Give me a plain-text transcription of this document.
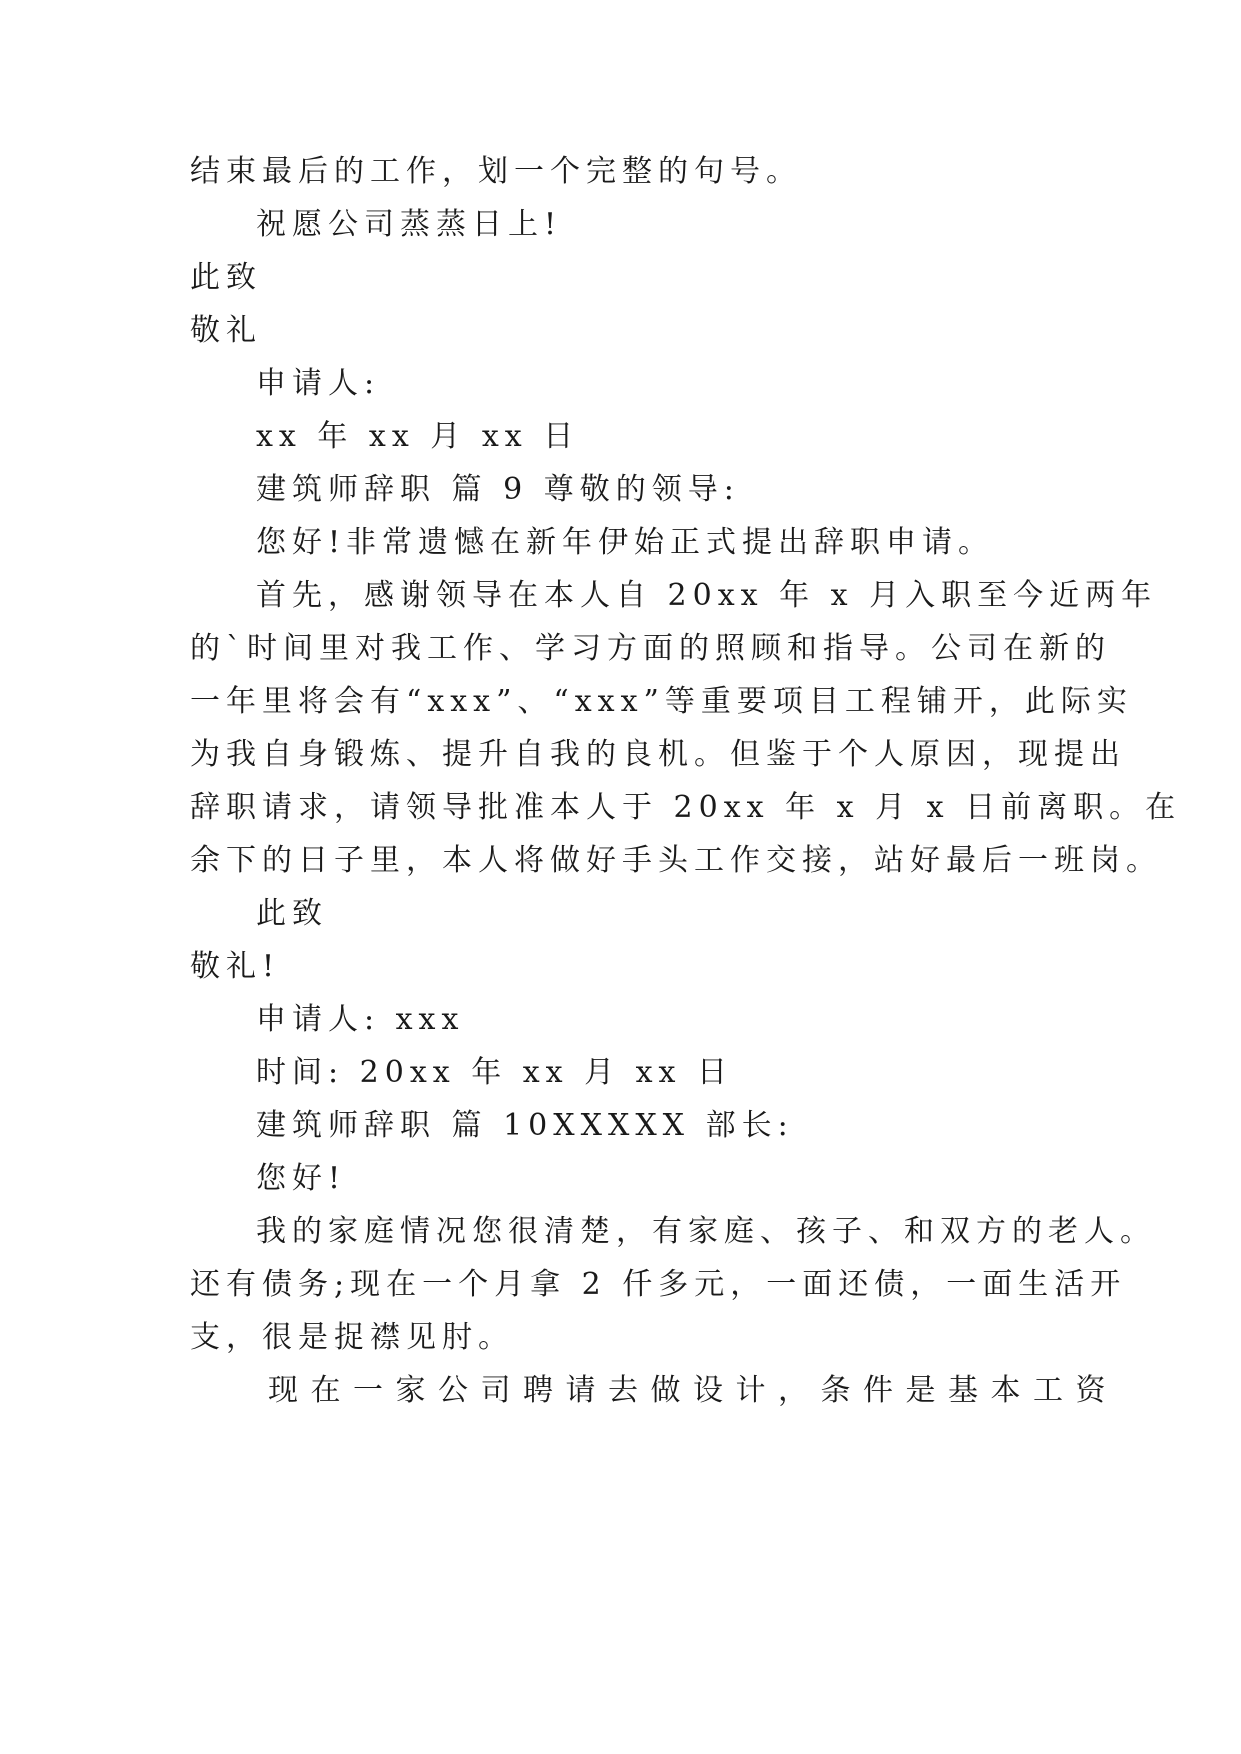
结束最后的工作，划一个完整的句号。
祝愿公司蒸蒸日上!
此致
敬礼
申请人:
xx 年 xx 月 xx 日
建筑师辞职 篇 9 尊敬的领导:
您好!非常遗憾在新年伊始正式提出辞职申请。
首先，感谢领导在本人自 20xx 年 x 月入职至今近两年
的`时间里对我工作、学习方面的照顾和指导。公司在新的
一年里将会有“xxx”、“xxx”等重要项目工程铺开，此际实
为我自身锻炼、提升自我的良机。但鉴于个人原因，现提出
辞职请求，请领导批准本人于 20xx 年 x 月 x 日前离职。在
余下的日子里，本人将做好手头工作交接，站好最后一班岗。
此致
敬礼!
申请人: xxx
时间: 20xx 年 xx 月 xx 日
建筑师辞职 篇 10XXXXX 部长:
您好!
我的家庭情况您很清楚，有家庭、孩子、和双方的老人。
还有债务;现在一个月拿 2 仟多元，一面还债，一面生活开
支，很是捉襟见肘。
现在一家公司聘请去做设计，条件是基本工资
